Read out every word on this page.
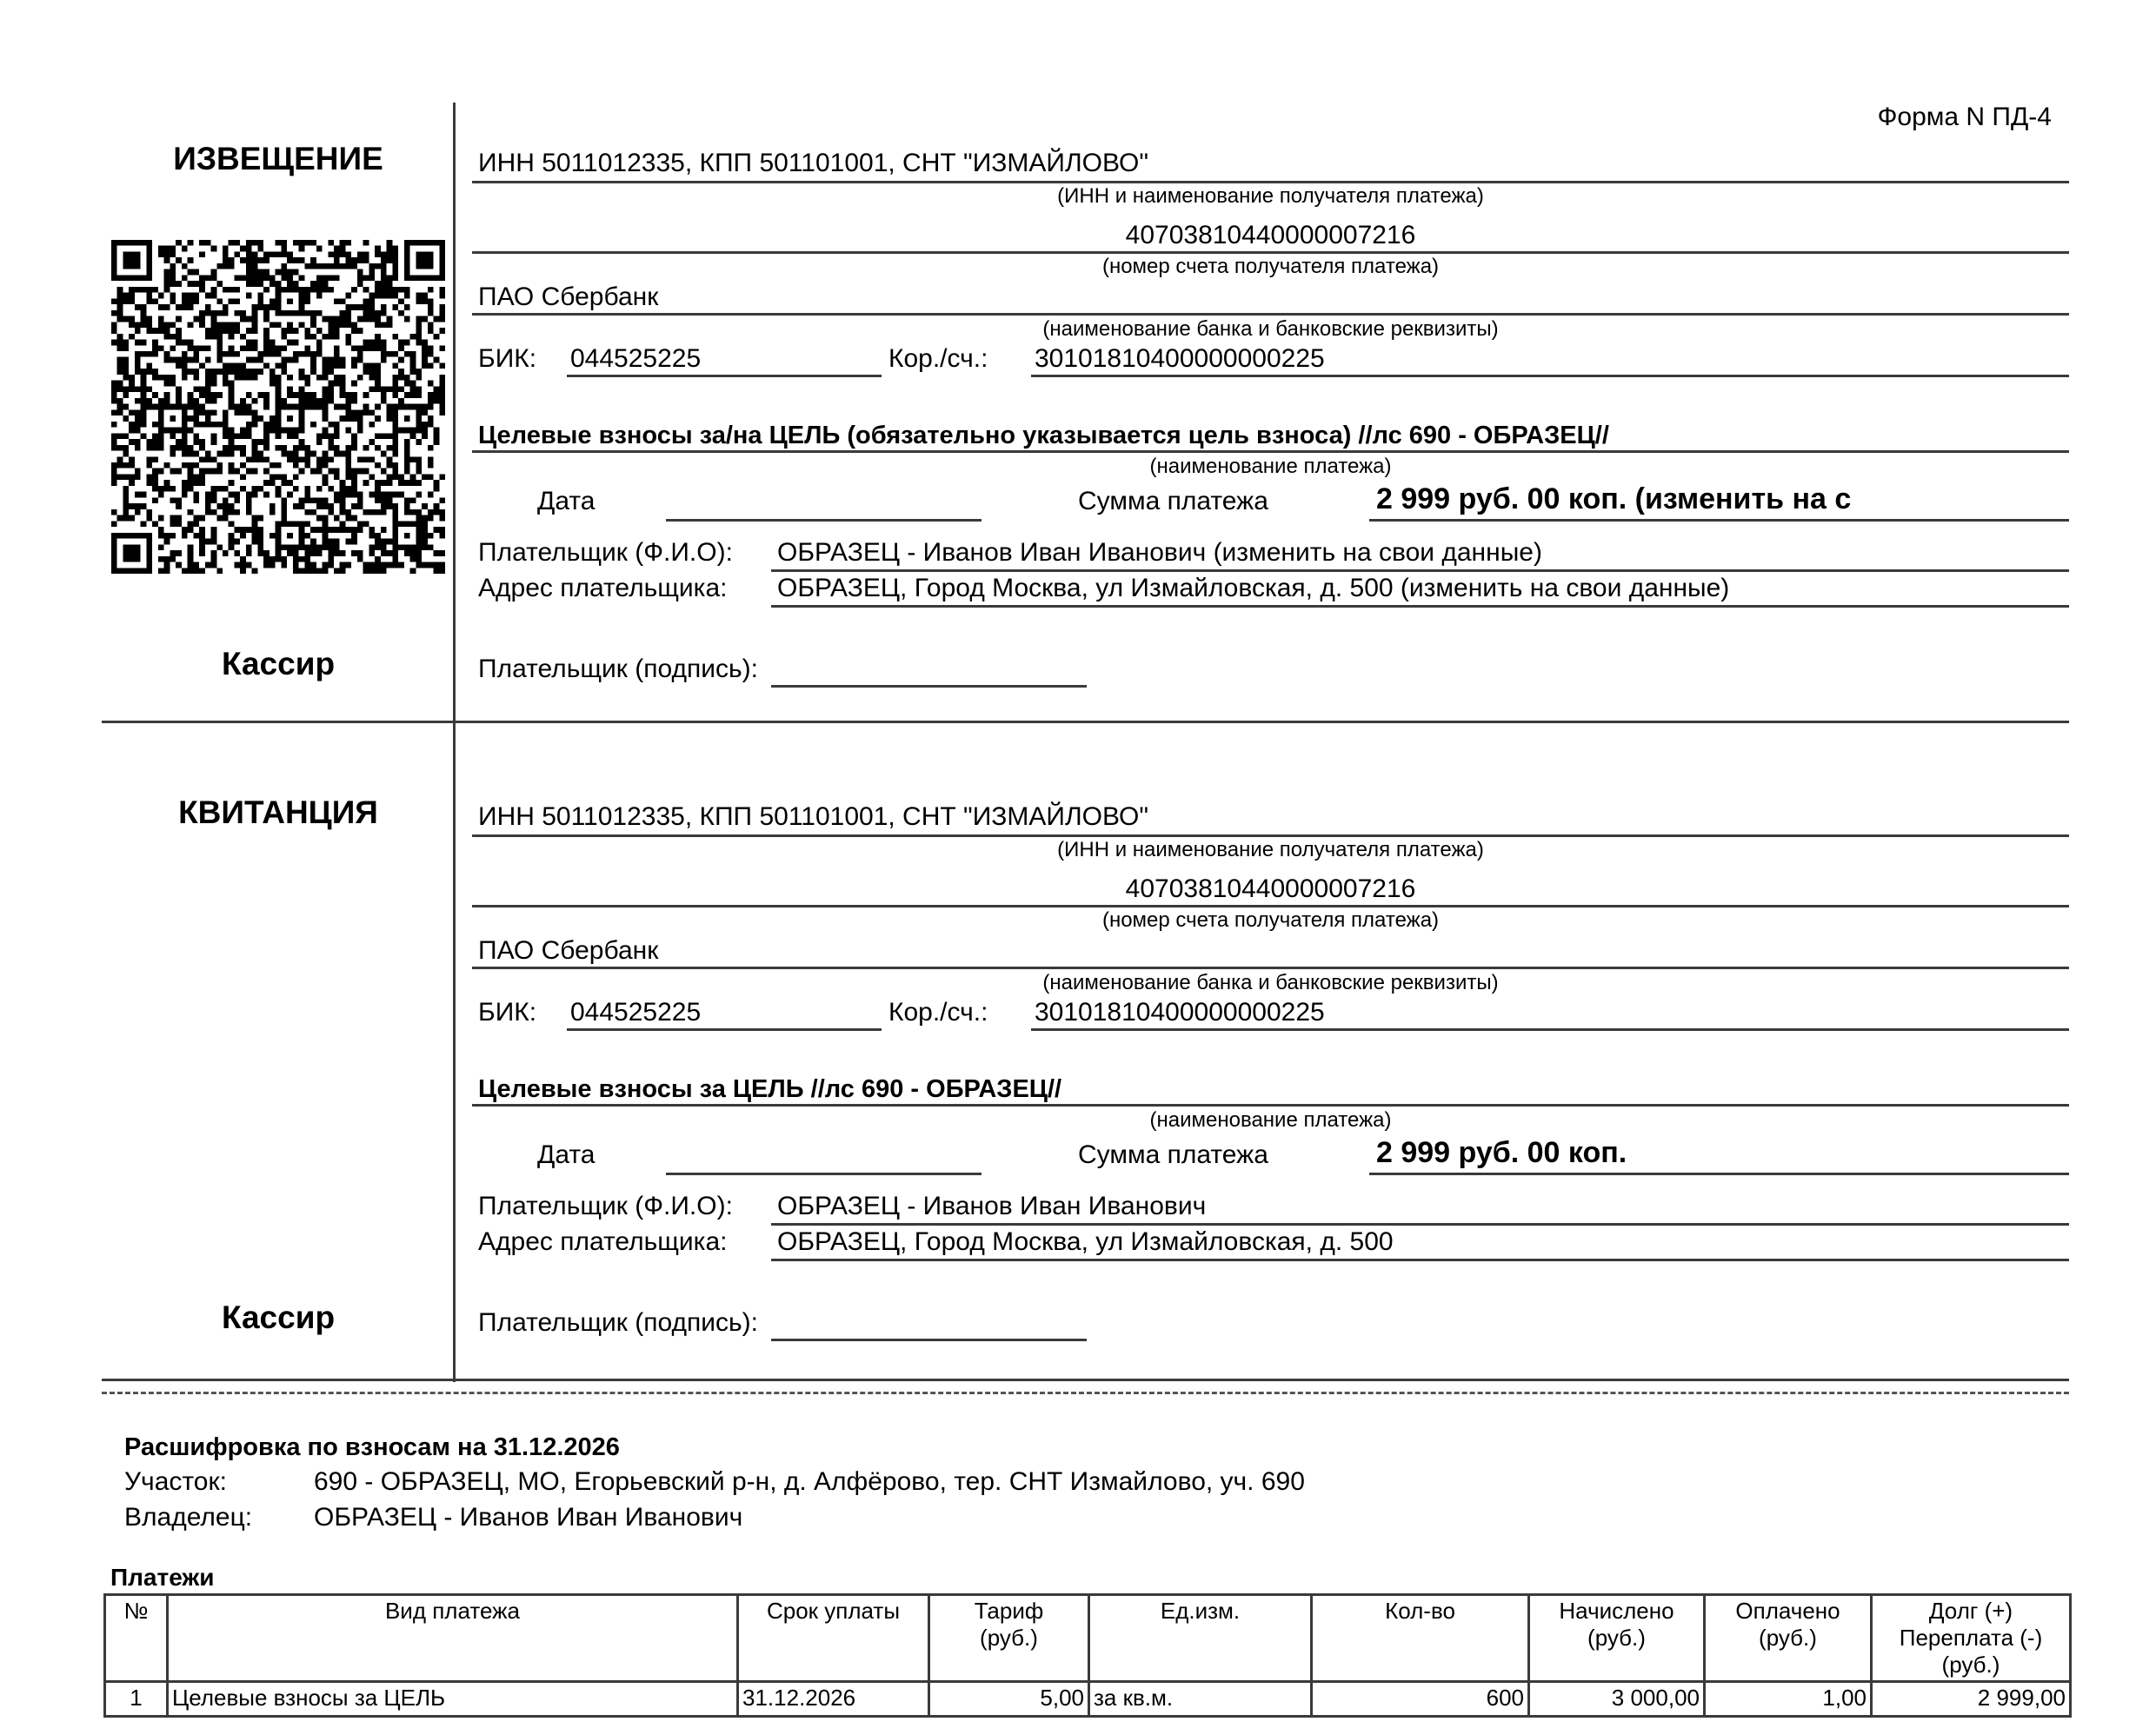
Форма N ПД-4
ИЗВЕЩЕНИЕ
Кассир
ИНН 5011012335, КПП 501101001, СНТ "ИЗМАЙЛОВО"
(ИНН и наименование получателя платежа)
40703810440000007216
(номер счета получателя платежа)
ПАО Сбербанк
(наименование банка и банковские реквизиты)
БИК: 044525225	Кор./сч.: 30101810400000000225
Целевые взносы за/на ЦЕЛЬ (обязательно указывается цель взноса) //лс 690 - ОБРАЗЕЦ//
(наименование платежа)
Дата	Сумма платежа	2 999 руб. 00 коп. (изменить на с
Плательщик (Ф.И.О): ОБРАЗЕЦ - Иванов Иван Иванович (изменить на свои данные)
Адрес плательщика: ОБРАЗЕЦ, Город Москва, ул Измайловская, д. 500 (изменить на свои данные)
Плательщик (подпись):
КВИТАНЦИЯ
Кассир
ИНН 5011012335, КПП 501101001, СНТ "ИЗМАЙЛОВО"
(ИНН и наименование получателя платежа)
40703810440000007216
(номер счета получателя платежа)
ПАО Сбербанк
(наименование банка и банковские реквизиты)
БИК: 044525225	Кор./сч.: 30101810400000000225
Целевые взносы за ЦЕЛЬ //лс 690 - ОБРАЗЕЦ//
(наименование платежа)
Дата	Сумма платежа	2 999 руб. 00 коп.
Плательщик (Ф.И.О): ОБРАЗЕЦ - Иванов Иван Иванович
Адрес плательщика: ОБРАЗЕЦ, Город Москва, ул Измайловская, д. 500
Плательщик (подпись):
Расшифровка по взносам на 31.12.2026
Участок:	690 - ОБРАЗЕЦ, МО, Егорьевский р-н, д. Алфёрово, тер. СНТ Измайлово, уч. 690
Владелец: ОБРАЗЕЦ - Иванов Иван Иванович
Платежи
№	Вид платежа	Срок уплаты	Тариф (руб.)	Ед.изм.	Кол-во	Начислено (руб.)	Оплачено (руб.)	Долг (+) Переплата (-) (руб.)
1	Целевые взносы за ЦЕЛЬ	31.12.2026	5,00	за кв.м.	600	3 000,00	1,00	2 999,00
